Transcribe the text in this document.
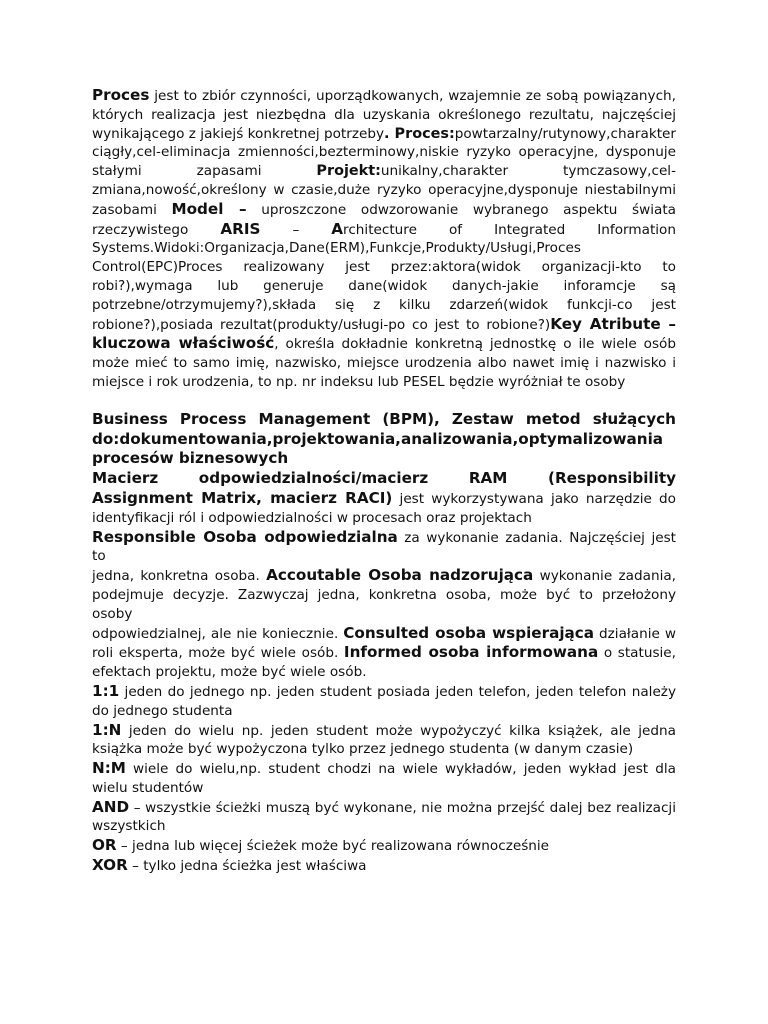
Proces jest to zbiór czynności, uporządkowanych, wzajemnie ze sobą powiązanych, których realizacja jest niezbędna dla uzyskania określonego rezultatu, najczęściej wynikającego z jakiejś konkretnej potrzeby. Proces:powtarzalny/rutynowy,charakter ciągły,cel-eliminacja zmienności,bezterminowy,niskie ryzyko operacyjne, dysponuje stałymi zapasami Projekt:unikalny,charakter tymczasowy,cel-zmiana,nowość,określony w czasie,duże ryzyko operacyjne,dysponuje niestabilnymi zasobami Model – uproszczone odwzorowanie wybranego aspektu świata rzeczywistego ARIS – Architecture of Integrated Information Systems.Widoki:Organizacja,Dane(ERM),Funkcje,Produkty/Usługi,Proces Control(EPC)Proces realizowany jest przez:aktora(widok organizacji-kto to robi?),wymaga lub generuje dane(widok danych-jakie inforamcje są potrzebne/otrzymujemy?),składa się z kilku zdarzeń(widok funkcji-co jest robione?),posiada rezultat(produkty/usługi-po co jest to robione?)Key Atribute – kluczowa właściwość, określa dokładnie konkretną jednostkę o ile wiele osób może mieć to samo imię, nazwisko, miejsce urodzenia albo nawet imię i nazwisko i miejsce i rok urodzenia, to np. nr indeksu lub PESEL będzie wyróżniał te osoby

Business Process Management (BPM), Zestaw metod służących do:dokumentowania,projektowania,analizowania,optymalizowania procesów biznesowych

Macierz odpowiedzialności/macierz RAM (Responsibility Assignment Matrix, macierz RACI) jest wykorzystywana jako narzędzie do identyfikacji ról i odpowiedzialności w procesach oraz projektach

Responsible Osoba odpowiedzialna za wykonanie zadania. Najczęściej jest to

jedna, konkretna osoba. Accoutable Osoba nadzorująca wykonanie zadania, podejmuje decyzje. Zazwyczaj jedna, konkretna osoba, może być to przełożony osoby

odpowiedzialnej, ale nie koniecznie. Consulted osoba wspierająca działanie w roli eksperta, może być wiele osób. Informed osoba informowana o statusie, efektach projektu, może być wiele osób.

1:1 jeden do jednego np. jeden student posiada jeden telefon, jeden telefon należy do jednego studenta

1:N jeden do wielu np. jeden student może wypożyczyć kilka książek, ale jedna książka może być wypożyczona tylko przez jednego studenta (w danym czasie)

N:M wiele do wielu,np. student chodzi na wiele wykładów, jeden wykład jest dla wielu studentów

AND – wszystkie ścieżki muszą być wykonane, nie można przejść dalej bez realizacji wszystkich

OR – jedna lub więcej ścieżek może być realizowana równocześnie

XOR – tylko jedna ścieżka jest właściwa
